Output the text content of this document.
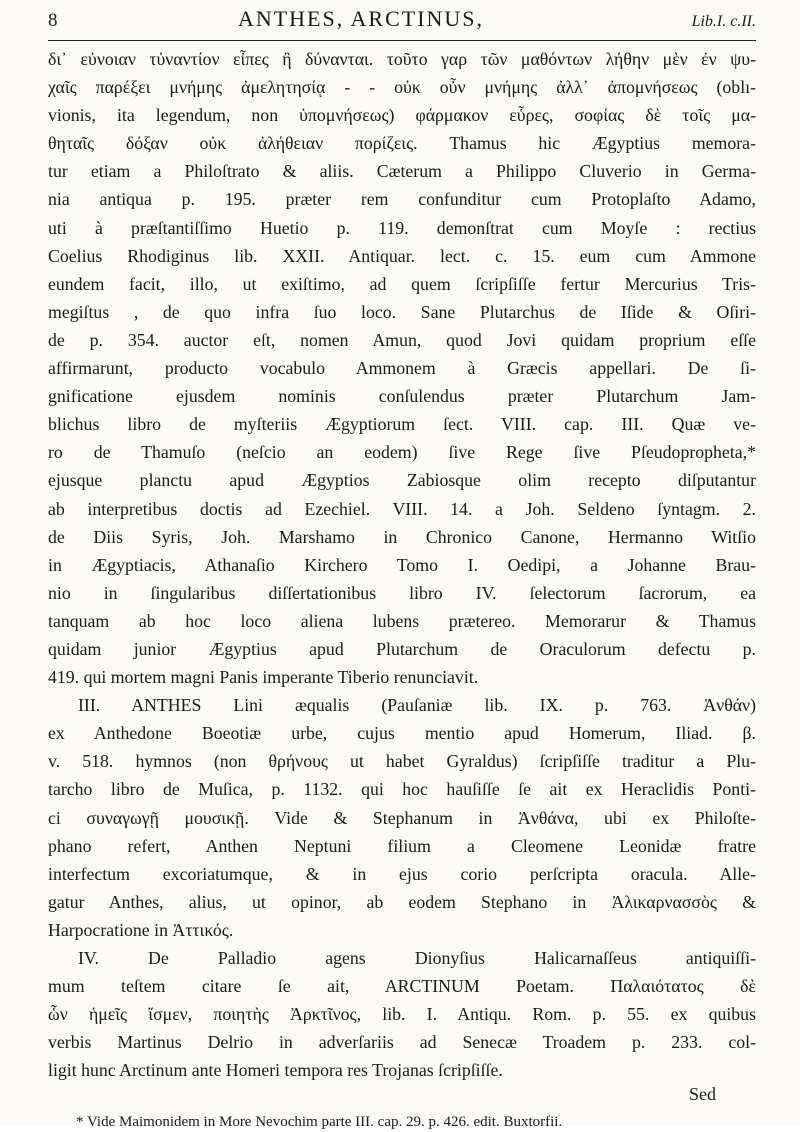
8	ANTHES, ARCTINUS,	Lib.I. c.II.
δι᾽ εὐνοιαν τὐναντίον εἶπες ἢ δύνανται. τοῦτο γαρ τῶν μαθόντων λήθην μὲν ἐν ψυ-
χαῖς παρέξει μνήμης ἀμελητησίᾳ - - οὐκ οὖν μνήμης ἀλλ᾽ ἀπομνήσεως (oblı-
vionis, ita legendum, non ὑπομνήσεως) φάρμακον εὗρες, σοφίας δὲ τοῖς μα-
θηταῖς δόξαν οὐκ ἀλήθειαν πορίζεις. Thamus hic Ægyptius memora-
tur etiam a Philoſtrato & aliis. Cæterum a Philippo Cluverio in Germa-
nia antiqua p. 195. præter rem confunditur cum Protoplaſto Adamo,
uti à præſtantiſſimo Huetio p. 119. demonſtrat cum Moyſe : rectius
Coelius Rhodiginus lib. XXII. Antiquar. lect. c. 15. eum cum Ammone
eundem facit, illo, ut exiſtimo, ad quem ſcripſiſſe fertur Mercurius Tris-
megiſtus , de quo infra ſuo loco. Sane Plutarchus de Iſide & Oſiri-
de p. 354. auctor eſt, nomen Amun, quod Jovi quidam proprium eſſe
affirmarunt, producto vocabulo Ammonem à Græcis appellari. De ſi-
gnificatione ejusdem nominis conſulendus præter Plutarchum Jam-
blichus libro de myſteriis Ægyptiorum ſect. VIII. cap. III. Quæ ve-
ro de Thamuſo (neſcio an eodem) ſive Rege ſive Pſeudopropheta,*
ejusque planctu apud Ægyptios Zabiosque olim recepto diſputantur
ab interpretibus doctis ad Ezechiel. VIII. 14. a Joh. Seldeno ſyntagm. 2.
de Diis Syris, Joh. Marshamo in Chronico Canone, Hermanno Witſio
in Ægyptiacis, Athanaſio Kirchero Tomo I. Oedipi, a Johanne Brau-
nio in ſingularibus diſſertationibus libro IV. ſelectorum ſacrorum, ea
tanquam ab hoc loco aliena lubens prætereo. Memorarur & Thamus
quidam junior Ægyptius apud Plutarchum de Oraculorum defectu p.
419. qui mortem magni Panis imperante Tiberio renunciavit.
III. ANTHES Lini æqualis (Pauſaniæ lib. IX. p. 763. Ἀνθάν)
ex Anthedone Boeotiæ urbe, cujus mentio apud Homerum, Iliad. β.
v. 518. hymnos (non θρήνους ut habet Gyraldus) ſcripſiſſe traditur a Plu-
tarcho libro de Muſica, p. 1132. qui hoc hauſiſſe ſe ait ex Heraclidis Ponti-
ci συναγωγῇ μουσικῇ. Vide & Stephanum in Ἀνθάνα, ubi ex Philoſte-
phano refert, Anthen Neptuni filium a Cleomene Leonidæ fratre
interfectum excoriatumque, & in ejus corio perſcripta oracula. Alle-
gatur Anthes, alius, ut opinor, ab eodem Stephano in Ἀλικαρνασσὸς &
Harpocratione in Ἀττικός.
IV. De Palladio agens Dionyſius Halicarnaſſeus antiquiſſi-
mum teſtem citare ſe ait, ARCTINUM Poetam. Παλαιότατος δὲ
ὧν ἡμεῖς ἴσμεν, ποιητὴς Ἀρκτῖνος, lib. I. Antiqu. Rom. p. 55. ex quibus
verbis Martinus Delrio in adverſariis ad Senecæ Troadem p. 233. col-
ligit hunc Arctinum ante Homeri tempora res Trojanas ſcripſiſſe.
Sed
* Vide Maimonidem in More Nevochim parte III. cap. 29. p. 426. edit. Buxtorfii.
